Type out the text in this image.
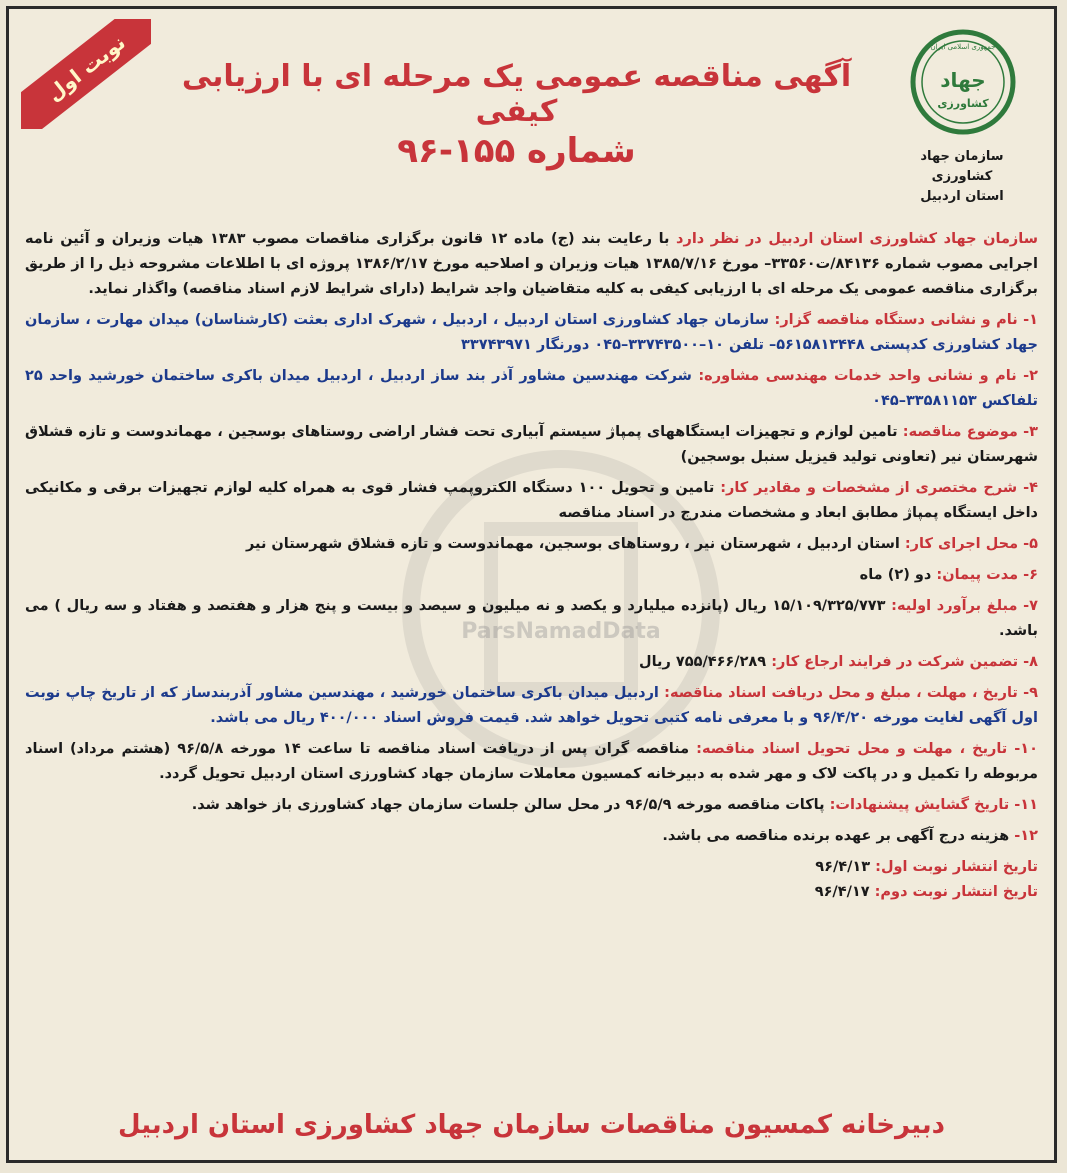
نوبت اول	جمهوری اسلامی ایران
جهاد
کشاورزی
سازمان جهاد کشاورزی
استان اردبیل
آگهی مناقصه عمومی یک مرحله ای با ارزیابی کیفی
شماره ۱۵۵-۹۶
ParsNamadData

سازمان جهاد کشاورزی استان اردبیل در نظر دارد با رعایت بند (ج) ماده ۱۲ قانون برگزاری مناقصات مصوب ۱۳۸۳ هیات وزیران و آئین نامه اجرایی مصوب شماره ۸۴۱۳۶/ت۳۳۵۶۰– مورخ ۱۳۸۵/۷/۱۶ هیات وزیران و اصلاحیه مورخ ۱۳۸۶/۲/۱۷ پروژه ای با اطلاعات مشروحه ذیل را از طریق برگزاری مناقصه عمومی یک مرحله ای با ارزیابی کیفی به کلیه متقاضیان واجد شرایط (دارای شرایط لازم اسناد مناقصه) واگذار نماید.

۱- نام و نشانی دستگاه مناقصه گزار: سازمان جهاد کشاورزی استان اردبیل ، اردبیل ، شهرک اداری بعثت (کارشناسان) میدان مهارت ، سازمان جهاد کشاورزی کدپستی ۵۶۱۵۸۱۳۴۴۸– تلفن ۱۰–۳۳۷۴۳۵۰۰–۰۴۵ دورنگار ۳۳۷۴۳۹۷۱

۲- نام و نشانی واحد خدمات مهندسی مشاوره: شرکت مهندسین مشاور آذر بند ساز اردبیل ، اردبیل میدان باکری ساختمان خورشید واحد ۲۵ تلفاکس ۳۳۵۸۱۱۵۳–۰۴۵

۳- موضوع مناقصه: تامین لوازم و تجهیزات ایستگاههای پمپاژ سیستم آبیاری تحت فشار اراضی روستاهای بوسجین ، مهماندوست و تازه قشلاق شهرستان نیر (تعاونی تولید قیزیل سنبل بوسجین)

۴- شرح مختصری از مشخصات و مقادیر کار: تامین و تحویل ۱۰۰ دستگاه الکتروپمپ فشار قوی به همراه کلیه لوازم تجهیزات برقی و مکانیکی داخل ایستگاه پمپاژ مطابق ابعاد و مشخصات مندرج در اسناد مناقصه

۵- محل اجرای کار: استان اردبیل ، شهرستان نیر ، روستاهای بوسجین، مهماندوست و تازه قشلاق شهرستان نیر

۶- مدت پیمان: دو (۲) ماه

۷- مبلغ برآورد اولیه: ۱۵/۱۰۹/۳۲۵/۷۷۳ ریال (پانزده میلیارد و یکصد و نه میلیون و سیصد و بیست و پنج هزار و هفتصد و هفتاد و سه ریال ) می باشد.

۸- تضمین شرکت در فرایند ارجاع کار: ۷۵۵/۴۶۶/۲۸۹ ریال

۹- تاریخ ، مهلت ، مبلغ و محل دریافت اسناد مناقصه: اردبیل میدان باکری ساختمان خورشید ، مهندسین مشاور آذربندساز که از تاریخ چاپ نوبت اول آگهی لغایت مورخه ۹۶/۴/۲۰ و با معرفی نامه کتبی تحویل خواهد شد. قیمت فروش اسناد ۴۰۰/۰۰۰ ریال می باشد.

۱۰- تاریخ ، مهلت و محل تحویل اسناد مناقصه: مناقصه گران پس از دریافت اسناد مناقصه تا ساعت ۱۴ مورخه ۹۶/۵/۸ (هشتم مرداد) اسناد مربوطه را تکمیل و در پاکت لاک و مهر شده به دبیرخانه کمسیون معاملات سازمان جهاد کشاورزی استان اردبیل تحویل گردد.

۱۱- تاریخ گشایش پیشنهادات: پاکات مناقصه مورخه ۹۶/۵/۹ در محل سالن جلسات سازمان جهاد کشاورزی باز خواهد شد.

۱۲- هزینه درج آگهی بر عهده برنده مناقصه می باشد.

تاریخ انتشار نوبت اول: ۹۶/۴/۱۳
تاریخ انتشار نوبت دوم: ۹۶/۴/۱۷
دبیرخانه کمسیون مناقصات سازمان جهاد کشاورزی استان اردبیل
